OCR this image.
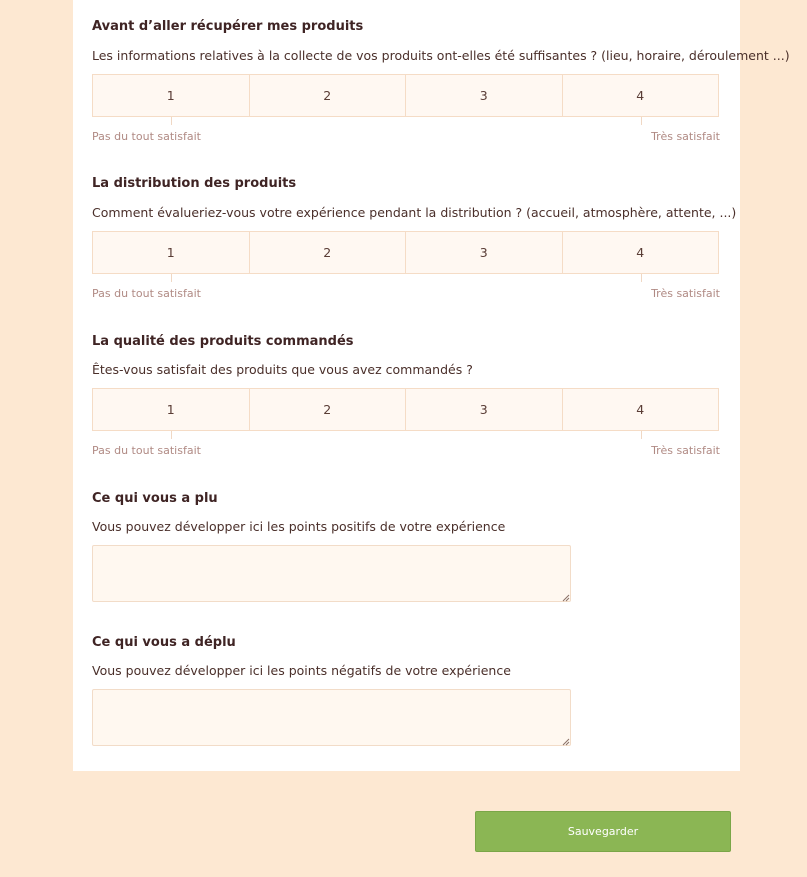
Avant d’aller récupérer mes produits
Les informations relatives à la collecte de vos produits ont-elles été suffisantes ? (lieu, horaire, déroulement ...)
1	2	3	4
Pas du tout satisfait	Très satisfait
La distribution des produits
Comment évalueriez-vous votre expérience pendant la distribution ? (accueil, atmosphère, attente, ...)
1	2	3	4
Pas du tout satisfait	Très satisfait
La qualité des produits commandés
Êtes-vous satisfait des produits que vous avez commandés ?
1	2	3	4
Pas du tout satisfait	Très satisfait
Ce qui vous a plu
Vous pouvez développer ici les points positifs de votre expérience
Ce qui vous a déplu
Vous pouvez développer ici les points négatifs de votre expérience
Sauvegarder
